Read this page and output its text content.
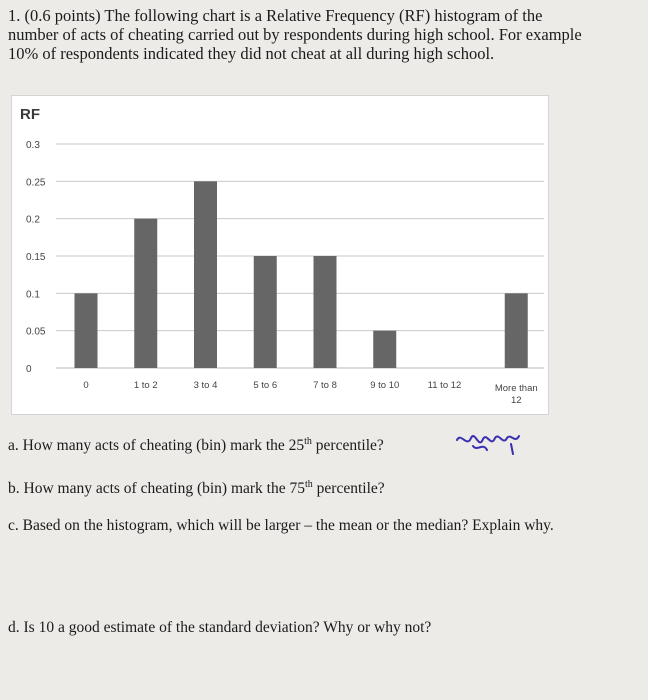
1. (0.6 points) The following chart is a Relative Frequency (RF) histogram of the

number of acts of cheating carried out by respondents during high school. For example

10% of respondents indicated they did not cheat at all during high school.

RF
0.3
0.25
0.2
0.15
0.1
0.05
0
0	1 to 2	3 to 4	5 to 6	7 to 8	9 to 10	11 to 12	More than 12
a. How many acts of cheating (bin) mark the 25th percentile?
b. How many acts of cheating (bin) mark the 75th percentile?
c. Based on the histogram, which will be larger – the mean or the median? Explain why.
d. Is 10 a good estimate of the standard deviation? Why or why not?
